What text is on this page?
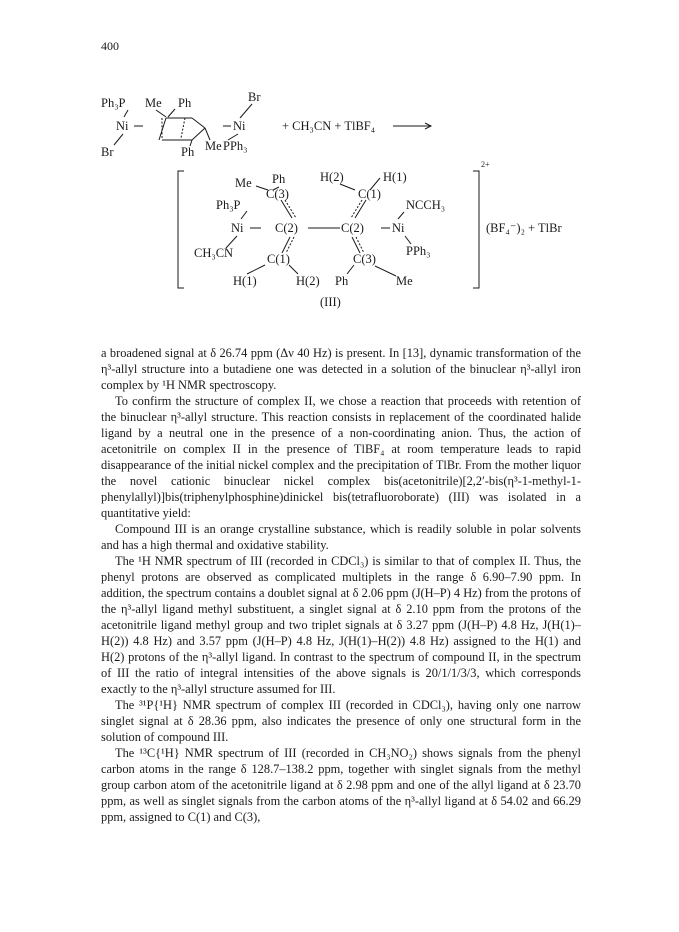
400
Ph₃P Me Ph	Br
Ni	Ni
Br	Ph Me PPh₃
+ CH₃CN + TlBF₄
2+
Me Ph	H(2)	H(1)
C(3)	C(1)
Ph₃P	NCCH₃
Ni	C(2)	C(2) Ni	(BF₄⁻)₂ + TlBr
PPh₃
CH₃CN	C(1)	C(3)
H(1)	H(2) Ph	Me
(III)

a broadened signal at δ 26.74 ppm (Δν 40 Hz) is present. In [13], dynamic transformation of the η³-allyl structure into a butadiene one was detected in a solution of the binuclear η³-allyl iron complex by ¹H NMR spectroscopy.

To confirm the structure of complex II, we chose a reaction that proceeds with retention of the binuclear η³-allyl structure. This reaction consists in replacement of the coordinated halide ligand by a neutral one in the presence of a non-coordinating anion. Thus, the action of acetonitrile on complex II in the presence of TlBF₄ at room temperature leads to rapid disappearance of the initial nickel complex and the precipitation of TlBr. From the mother liquor the novel cationic binuclear nickel complex bis(acetonitrile)[2,2′-bis(η³-1-methyl-1-phenylallyl)]bis(triphenylphosphine)dinickel bis(tetrafluoroborate) (III) was isolated in a quantitative yield:

Compound III is an orange crystalline substance, which is readily soluble in polar solvents and has a high thermal and oxidative stability.

The ¹H NMR spectrum of III (recorded in CDCl₃) is similar to that of complex II. Thus, the phenyl protons are observed as complicated multiplets in the range δ 6.90–7.90 ppm. In addition, the spectrum contains a doublet signal at δ 2.06 ppm (J(H–P) 4 Hz) from the protons of the η³-allyl ligand methyl substituent, a singlet signal at δ 2.10 ppm from the protons of the acetonitrile ligand methyl group and two triplet signals at δ 3.27 ppm (J(H–P) 4.8 Hz, J(H(1)–H(2)) 4.8 Hz) and 3.57 ppm (J(H–P) 4.8 Hz, J(H(1)–H(2)) 4.8 Hz) assigned to the H(1) and H(2) protons of the η³-allyl ligand. In contrast to the spectrum of compound II, in the spectrum of III the ratio of integral intensities of the above signals is 20/1/1/3/3, which corresponds exactly to the η³-allyl structure assumed for III.

The ³¹P{¹H} NMR spectrum of complex III (recorded in CDCl₃), having only one narrow singlet signal at δ 28.36 ppm, also indicates the presence of only one structural form in the solution of compound III.

The ¹³C{¹H} NMR spectrum of III (recorded in CH₃NO₂) shows signals from the phenyl carbon atoms in the range δ 128.7–138.2 ppm, together with singlet signals from the methyl group carbon atom of the acetonitrile ligand at δ 2.98 ppm and one of the allyl ligand at δ 23.70 ppm, as well as singlet signals from the carbon atoms of the η³-allyl ligand at δ 54.02 and 66.29 ppm, assigned to C(1) and C(3),
